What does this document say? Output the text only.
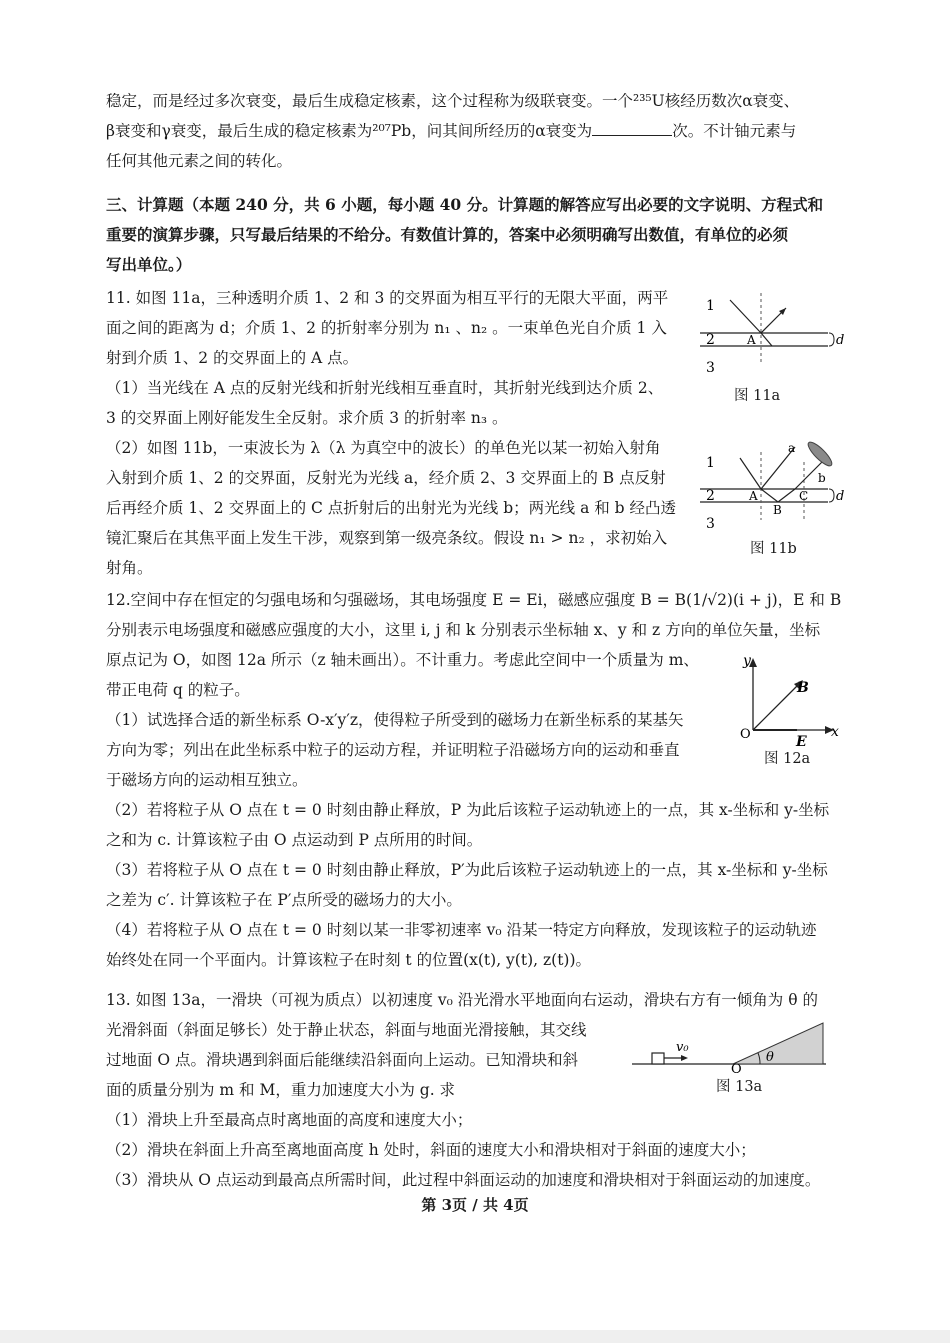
稳定，而是经过多次衰变，最后生成稳定核素，这个过程称为级联衰变。一个²³⁵U核经历数次α衰变、
β衰变和γ衰变，最后生成的稳定核素为²⁰⁷Pb，问其间所经历的α衰变为	次。不计铀元素与
任何其他元素之间的转化。
三、计算题（本题 240 分，共 6 小题，每小题 40 分。计算题的解答应写出必要的文字说明、方程式和
重要的演算步骤，只写最后结果的不给分。有数值计算的，答案中必须明确写出数值，有单位的必须
写出单位。）
11. 如图 11a，三种透明介质 1、2 和 3 的交界面为相互平行的无限大平面，两平
面之间的距离为 d；介质 1、2 的折射率分别为 n₁ 、n₂ 。一束单色光自介质 1 入
射到介质 1、2 的交界面上的 A 点。
（1）当光线在 A 点的反射光线和折射光线相互垂直时，其折射光线到达介质 2、
3 的交界面上刚好能发生全反射。求介质 3 的折射率 n₃ 。
（2）如图 11b，一束波长为 λ（λ 为真空中的波长）的单色光以某一初始入射角
入射到介质 1、2 的交界面，反射光为光线 a，经介质 2、3 交界面上的 B 点反射
后再经介质 1、2 交界面上的 C 点折射后的出射光为光线 b；两光线 a 和 b 经凸透
镜汇聚后在其焦平面上发生干涉，观察到第一级亮条纹。假设 n₁ > n₂ ，求初始入
射角。
1
2
3
A	d
图 11a
1
2
3
A
B
C
a
b
d
图 11b
12.空间中存在恒定的匀强电场和匀强磁场，其电场强度 E = Ei，磁感应强度 B = B(1/√2)(i + j)，E 和 B
分别表示电场强度和磁感应强度的大小，这里 i, j 和 k 分别表示坐标轴 x、y 和 z 方向的单位矢量，坐标
原点记为 O，如图 12a 所示（z 轴未画出）。不计重力。考虑此空间中一个质量为 m、
带正电荷 q 的粒子。
（1）试选择合适的新坐标系 O-x′y′z，使得粒子所受到的磁场力在新坐标系的某基矢
方向为零；列出在此坐标系中粒子的运动方程，并证明粒子沿磁场方向的运动和垂直
于磁场方向的运动相互独立。
（2）若将粒子从 O 点在 t = 0 时刻由静止释放，P 为此后该粒子运动轨迹上的一点，其 x-坐标和 y-坐标
之和为 c. 计算该粒子由 O 点运动到 P 点所用的时间。
（3）若将粒子从 O 点在 t = 0 时刻由静止释放，P′为此后该粒子运动轨迹上的一点，其 x-坐标和 y-坐标
之差为 c′. 计算该粒子在 P′点所受的磁场力的大小。
（4）若将粒子从 O 点在 t = 0 时刻以某一非零初速率 v₀ 沿某一特定方向释放，发现该粒子的运动轨迹
始终处在同一个平面内。计算该粒子在时刻 t 的位置(x(t), y(t), z(t))。
y
x
O
B
E
图 12a
13. 如图 13a，一滑块（可视为质点）以初速度 v₀ 沿光滑水平地面向右运动，滑块右方有一倾角为 θ 的
光滑斜面（斜面足够长）处于静止状态，斜面与地面光滑接触，其交线
过地面 O 点。滑块遇到斜面后能继续沿斜面向上运动。已知滑块和斜
面的质量分别为 m 和 M，重力加速度大小为 g. 求
（1）滑块上升至最高点时离地面的高度和速度大小；
（2）滑块在斜面上升高至离地面高度 h 处时，斜面的速度大小和滑块相对于斜面的速度大小；
（3）滑块从 O 点运动到最高点所需时间，此过程中斜面运动的加速度和滑块相对于斜面运动的加速度。
v₀
O
θ
图 13a
第 3页 / 共 4页
